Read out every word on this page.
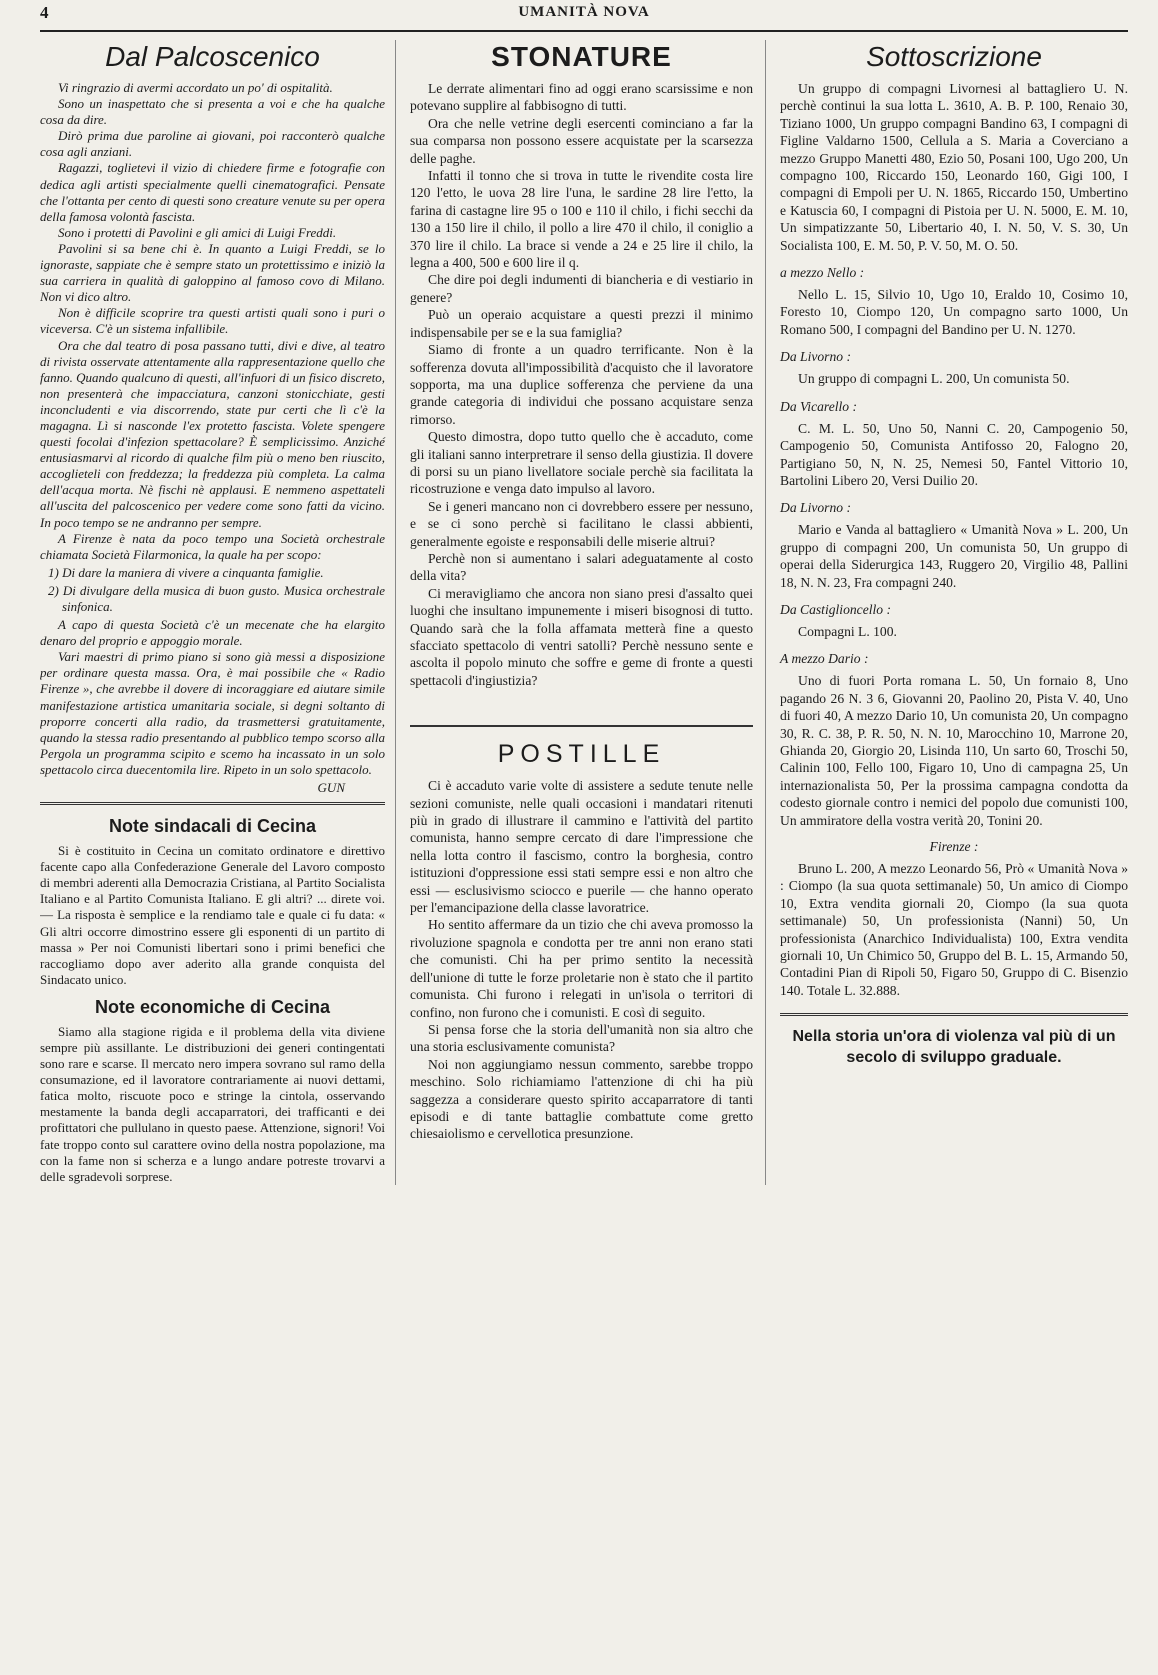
4	UMANITÀ NOVA
Dal Palcoscenico

Vi ringrazio di avermi accordato un po' di ospitalità.

Sono un inaspettato che si presenta a voi e che ha qualche cosa da dire.

Dirò prima due paroline ai giovani, poi racconterò qualche cosa agli anziani.

Ragazzi, toglietevi il vizio di chiedere firme e fotografie con dedica agli artisti specialmente quelli cinematografici. Pensate che l'ottanta per cento di questi sono creature venute su per opera della famosa volontà fascista.

Sono i protetti di Pavolini e gli amici di Luigi Freddi.

Pavolini si sa bene chi è. In quanto a Luigi Freddi, se lo ignoraste, sappiate che è sempre stato un protettissimo e iniziò la sua carriera in qualità di galoppino al famoso covo di Milano. Non vi dico altro.

Non è difficile scoprire tra questi artisti quali sono i puri o viceversa. C'è un sistema infallibile.

Ora che dal teatro di posa passano tutti, divi e dive, al teatro di rivista osservate attentamente alla rappresentazione quello che fanno. Quando qualcuno di questi, all'infuori di un fisico discreto, non presenterà che impacciatura, canzoni stonicchiate, gesti inconcludenti e via discorrendo, state pur certi che lì c'è la magagna. Lì si nasconde l'ex protetto fascista. Volete spengere questi focolai d'infezion spettacolare? È semplicissimo. Anziché entusiasmarvi al ricordo di qualche film più o meno ben riuscito, accoglieteli con freddezza; la freddezza più completa. La calma dell'acqua morta. Nè fischi nè applausi. E nemmeno aspettateli all'uscita del palcoscenico per vedere come sono fatti da vicino. In poco tempo se ne andranno per sempre.

A Firenze è nata da poco tempo una Società orchestrale chiamata Società Filarmonica, la quale ha per scopo:

1) Di dare la maniera di vivere a cinquanta famiglie.

2) Di divulgare della musica di buon gusto. Musica orchestrale sinfonica.

A capo di questa Società c'è un mecenate che ha elargito denaro del proprio e appoggio morale.

Vari maestri di primo piano si sono già messi a disposizione per ordinare questa massa. Ora, è mai possibile che « Radio Firenze », che avrebbe il dovere di incoraggiare ed aiutare simile manifestazione artistica umanitaria sociale, si degni soltanto di proporre concerti alla radio, da trasmettersi gratuitamente, quando la stessa radio presentando al pubblico tempo scorso alla Pergola un programma scipito e scemo ha incassato in un solo spettacolo circa duecentomila lire. Ripeto in un solo spettacolo.

GUN
Note sindacali di Cecina

Si è costituito in Cecina un comitato ordinatore e direttivo facente capo alla Confederazione Generale del Lavoro composto di membri aderenti alla Democrazia Cristiana, al Partito Socialista Italiano e al Partito Comunista Italiano. E gli altri? ... direte voi. — La risposta è semplice e la rendiamo tale e quale ci fu data: « Gli altri occorre dimostrino essere gli esponenti di un partito di massa » Per noi Comunisti libertari sono i primi benefici che raccogliamo dopo aver aderito alla grande conquista del Sindacato unico.

Note economiche di Cecina

Siamo alla stagione rigida e il problema della vita diviene sempre più assillante. Le distribuzioni dei generi contingentati sono rare e scarse. Il mercato nero impera sovrano sul ramo della consumazione, ed il lavoratore contrariamente ai nuovi dettami, fatica molto, riscuote poco e stringe la cintola, osservando mestamente la banda degli accaparratori, dei trafficanti e dei profittatori che pullulano in questo paese. Attenzione, signori! Voi fate troppo conto sul carattere ovino della nostra popolazione, ma con la fame non si scherza e a lungo andare potreste trovarvi a delle sgradevoli sorprese.

STONATURE

Le derrate alimentari fino ad oggi erano scarsissime e non potevano supplire al fabbisogno di tutti.

Ora che nelle vetrine degli esercenti cominciano a far la sua comparsa non possono essere acquistate per la scarsezza delle paghe.

Infatti il tonno che si trova in tutte le rivendite costa lire 120 l'etto, le uova 28 lire l'una, le sardine 28 lire l'etto, la farina di castagne lire 95 o 100 e 110 il chilo, i fichi secchi da 130 a 150 lire il chilo, il pollo a lire 470 il chilo, il coniglio a 370 lire il chilo. La brace si vende a 24 e 25 lire il chilo, la legna a 400, 500 e 600 lire il q.

Che dire poi degli indumenti di biancheria e di vestiario in genere?

Può un operaio acquistare a questi prezzi il minimo indispensabile per se e la sua famiglia?

Siamo di fronte a un quadro terrificante. Non è la sofferenza dovuta all'impossibilità d'acquisto che il lavoratore sopporta, ma una duplice sofferenza che perviene da una grande categoria di individui che possano acquistare senza rimorso.

Questo dimostra, dopo tutto quello che è accaduto, come gli italiani sanno interpretrare il senso della giustizia. Il dovere di porsi su un piano livellatore sociale perchè sia facilitata la ricostruzione e venga dato impulso al lavoro.

Se i generi mancano non ci dovrebbero essere per nessuno, e se ci sono perchè si facilitano le classi abbienti, generalmente egoiste e responsabili delle miserie altrui?

Perchè non si aumentano i salari adeguatamente al costo della vita?

Ci meravigliamo che ancora non siano presi d'assalto quei luoghi che insultano impunemente i miseri bisognosi di tutto. Quando sarà che la folla affamata metterà fine a questo sfacciato spettacolo di ventri satolli? Perchè nessuno sente e ascolta il popolo minuto che soffre e geme di fronte a questi spettacoli d'ingiustizia?

POSTILLE

Ci è accaduto varie volte di assistere a sedute tenute nelle sezioni comuniste, nelle quali occasioni i mandatari ritenuti più in grado di illustrare il cammino e l'attività del partito comunista, hanno sempre cercato di dare l'impressione che nella lotta contro il fascismo, contro la borghesia, contro istituzioni d'oppressione essi stati sempre essi e non altro che essi — esclusivismo sciocco e puerile — che hanno operato per l'emancipazione della classe lavoratrice.

Ho sentito affermare da un tizio che chi aveva promosso la rivoluzione spagnola e condotta per tre anni non erano stati che comunisti. Chi ha per primo sentito la necessità dell'unione di tutte le forze proletarie non è stato che il partito comunista. Chi furono i relegati in un'isola o territori di confino, non furono che i comunisti. E così di seguito.

Si pensa forse che la storia dell'umanità non sia altro che una storia esclusivamente comunista?

Noi non aggiungiamo nessun commento, sarebbe troppo meschino. Solo richiamiamo l'attenzione di chi ha più saggezza a considerare questo spirito accaparratore di tanti episodi e di tante battaglie combattute come gretto chiesaiolismo e cervellotica presunzione.

Sottoscrizione

Un gruppo di compagni Livornesi al battagliero U. N. perchè continui la sua lotta L. 3610, A. B. P. 100, Renaio 30, Tiziano 1000, Un gruppo compagni Bandino 63, I compagni di Figline Valdarno 1500, Cellula a S. Maria a Coverciano a mezzo Gruppo Manetti 480, Ezio 50, Posani 100, Ugo 200, Un compagno 100, Riccardo 150, Leonardo 160, Gigi 100, I compagni di Empoli per U. N. 1865, Riccardo 150, Umbertino e Katuscia 60, I compagni di Pistoia per U. N. 5000, E. M. 10, Un simpatizzante 50, Libertario 40, I. N. 50, V. S. 30, Un Socialista 100, E. M. 50, P. V. 50, M. O. 50.

a mezzo Nello :

Nello L. 15, Silvio 10, Ugo 10, Eraldo 10, Cosimo 10, Foresto 10, Ciompo 120, Un compagno sarto 1000, Un Romano 500, I compagni del Bandino per U. N. 1270.

Da Livorno :

Un gruppo di compagni L. 200, Un comunista 50.

Da Vicarello :

C. M. L. 50, Uno 50, Nanni C. 20, Campogenio 50, Campogenio 50, Comunista Antifosso 20, Falogno 20, Partigiano 50, N, N. 25, Nemesi 50, Fantel Vittorio 10, Bartolini Libero 20, Versi Duilio 20.

Da Livorno :

Mario e Vanda al battagliero « Umanità Nova » L. 200, Un gruppo di compagni 200, Un comunista 50, Un gruppo di operai della Siderurgica 143, Ruggero 20, Virgilio 48, Pallini 18, N. N. 23, Fra compagni 240.

Da Castiglioncello :

Compagni L. 100.

A mezzo Dario :

Uno di fuori Porta romana L. 50, Un fornaio 8, Uno pagando 26 N. 3 6, Giovanni 20, Paolino 20, Pista V. 40, Uno di fuori 40, A mezzo Dario 10, Un comunista 20, Un compagno 30, R. C. 38, P. R. 50, N. N. 10, Marocchino 10, Marrone 20, Ghianda 20, Giorgio 20, Lisinda 110, Un sarto 60, Troschi 50, Calinin 100, Fello 100, Figaro 10, Uno di campagna 25, Un internazionalista 50, Per la prossima campagna condotta da codesto giornale contro i nemici del popolo due comunisti 100, Un ammiratore della vostra verità 20, Tonini 20.

Firenze :

Bruno L. 200, A mezzo Leonardo 56, Prò « Umanità Nova » : Ciompo (la sua quota settimanale) 50, Un amico di Ciompo 10, Extra vendita giornali 20, Ciompo (la sua quota settimanale) 50, Un professionista (Nanni) 50, Un professionista (Anarchico Individualista) 100, Extra vendita giornali 10, Un Chimico 50, Gruppo del B. L. 15, Armando 50, Contadini Pian di Ripoli 50, Figaro 50, Gruppo di C. Bisenzio 140. Totale L. 32.888.

Nella storia un'ora di violenza val più di un secolo di sviluppo graduale.
